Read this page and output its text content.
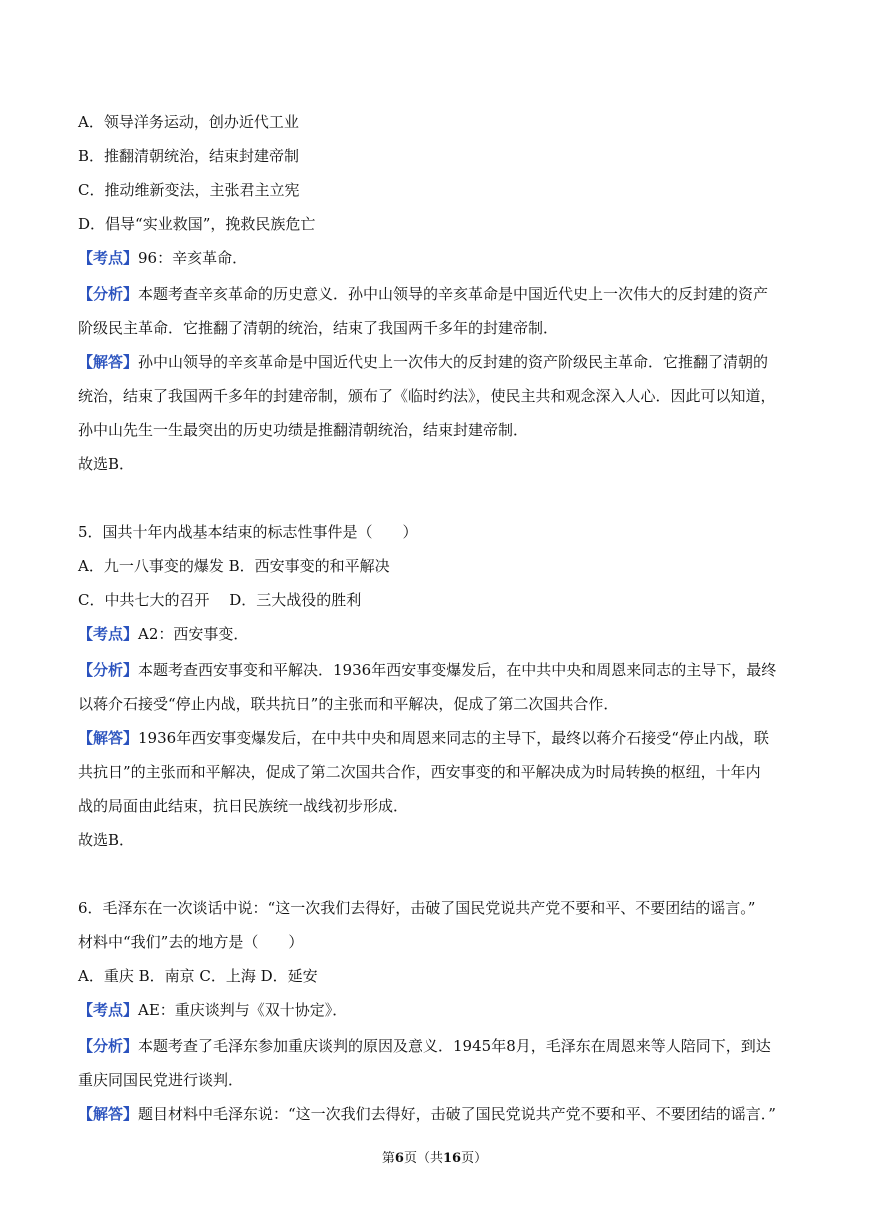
A．领导洋务运动，创办近代工业
B．推翻清朝统治，结束封建帝制
C．推动维新变法，主张君主立宪
D．倡导“实业救国”，挽救民族危亡
【考点】96：辛亥革命．
【分析】本题考查辛亥革命的历史意义．孙中山领导的辛亥革命是中国近代史上一次伟大的反封建的资产
阶级民主革命．它推翻了清朝的统治，结束了我国两千多年的封建帝制．
【解答】孙中山领导的辛亥革命是中国近代史上一次伟大的反封建的资产阶级民主革命．它推翻了清朝的
统治，结束了我国两千多年的封建帝制，颁布了《临时约法》，使民主共和观念深入人心．因此可以知道，
孙中山先生一生最突出的历史功绩是推翻清朝统治，结束封建帝制．
故选B．
5．国共十年内战基本结束的标志性事件是（　　）
A．九一八事变的爆发 B．西安事变的和平解决
C．中共七大的召开　 D．三大战役的胜利
【考点】A2：西安事变．
【分析】本题考查西安事变和平解决．1936年西安事变爆发后，在中共中央和周恩来同志的主导下，最终
以蒋介石接受“停止内战，联共抗日”的主张而和平解决，促成了第二次国共合作．
【解答】1936年西安事变爆发后，在中共中央和周恩来同志的主导下，最终以蒋介石接受“停止内战，联
共抗日”的主张而和平解决，促成了第二次国共合作，西安事变的和平解决成为时局转换的枢纽，十年内
战的局面由此结束，抗日民族统一战线初步形成．
故选B．
6．毛泽东在一次谈话中说：“这一次我们去得好，击破了国民党说共产党不要和平、不要团结的谣言。”
材料中“我们”去的地方是（　　）
A．重庆 B．南京 C．上海 D．延安
【考点】AE：重庆谈判与《双十协定》．
【分析】本题考查了毛泽东参加重庆谈判的原因及意义．1945年8月，毛泽东在周恩来等人陪同下，到达
重庆同国民党进行谈判．
【解答】题目材料中毛泽东说：“这一次我们去得好，击破了国民党说共产党不要和平、不要团结的谣言．”
第6页（共16页）
